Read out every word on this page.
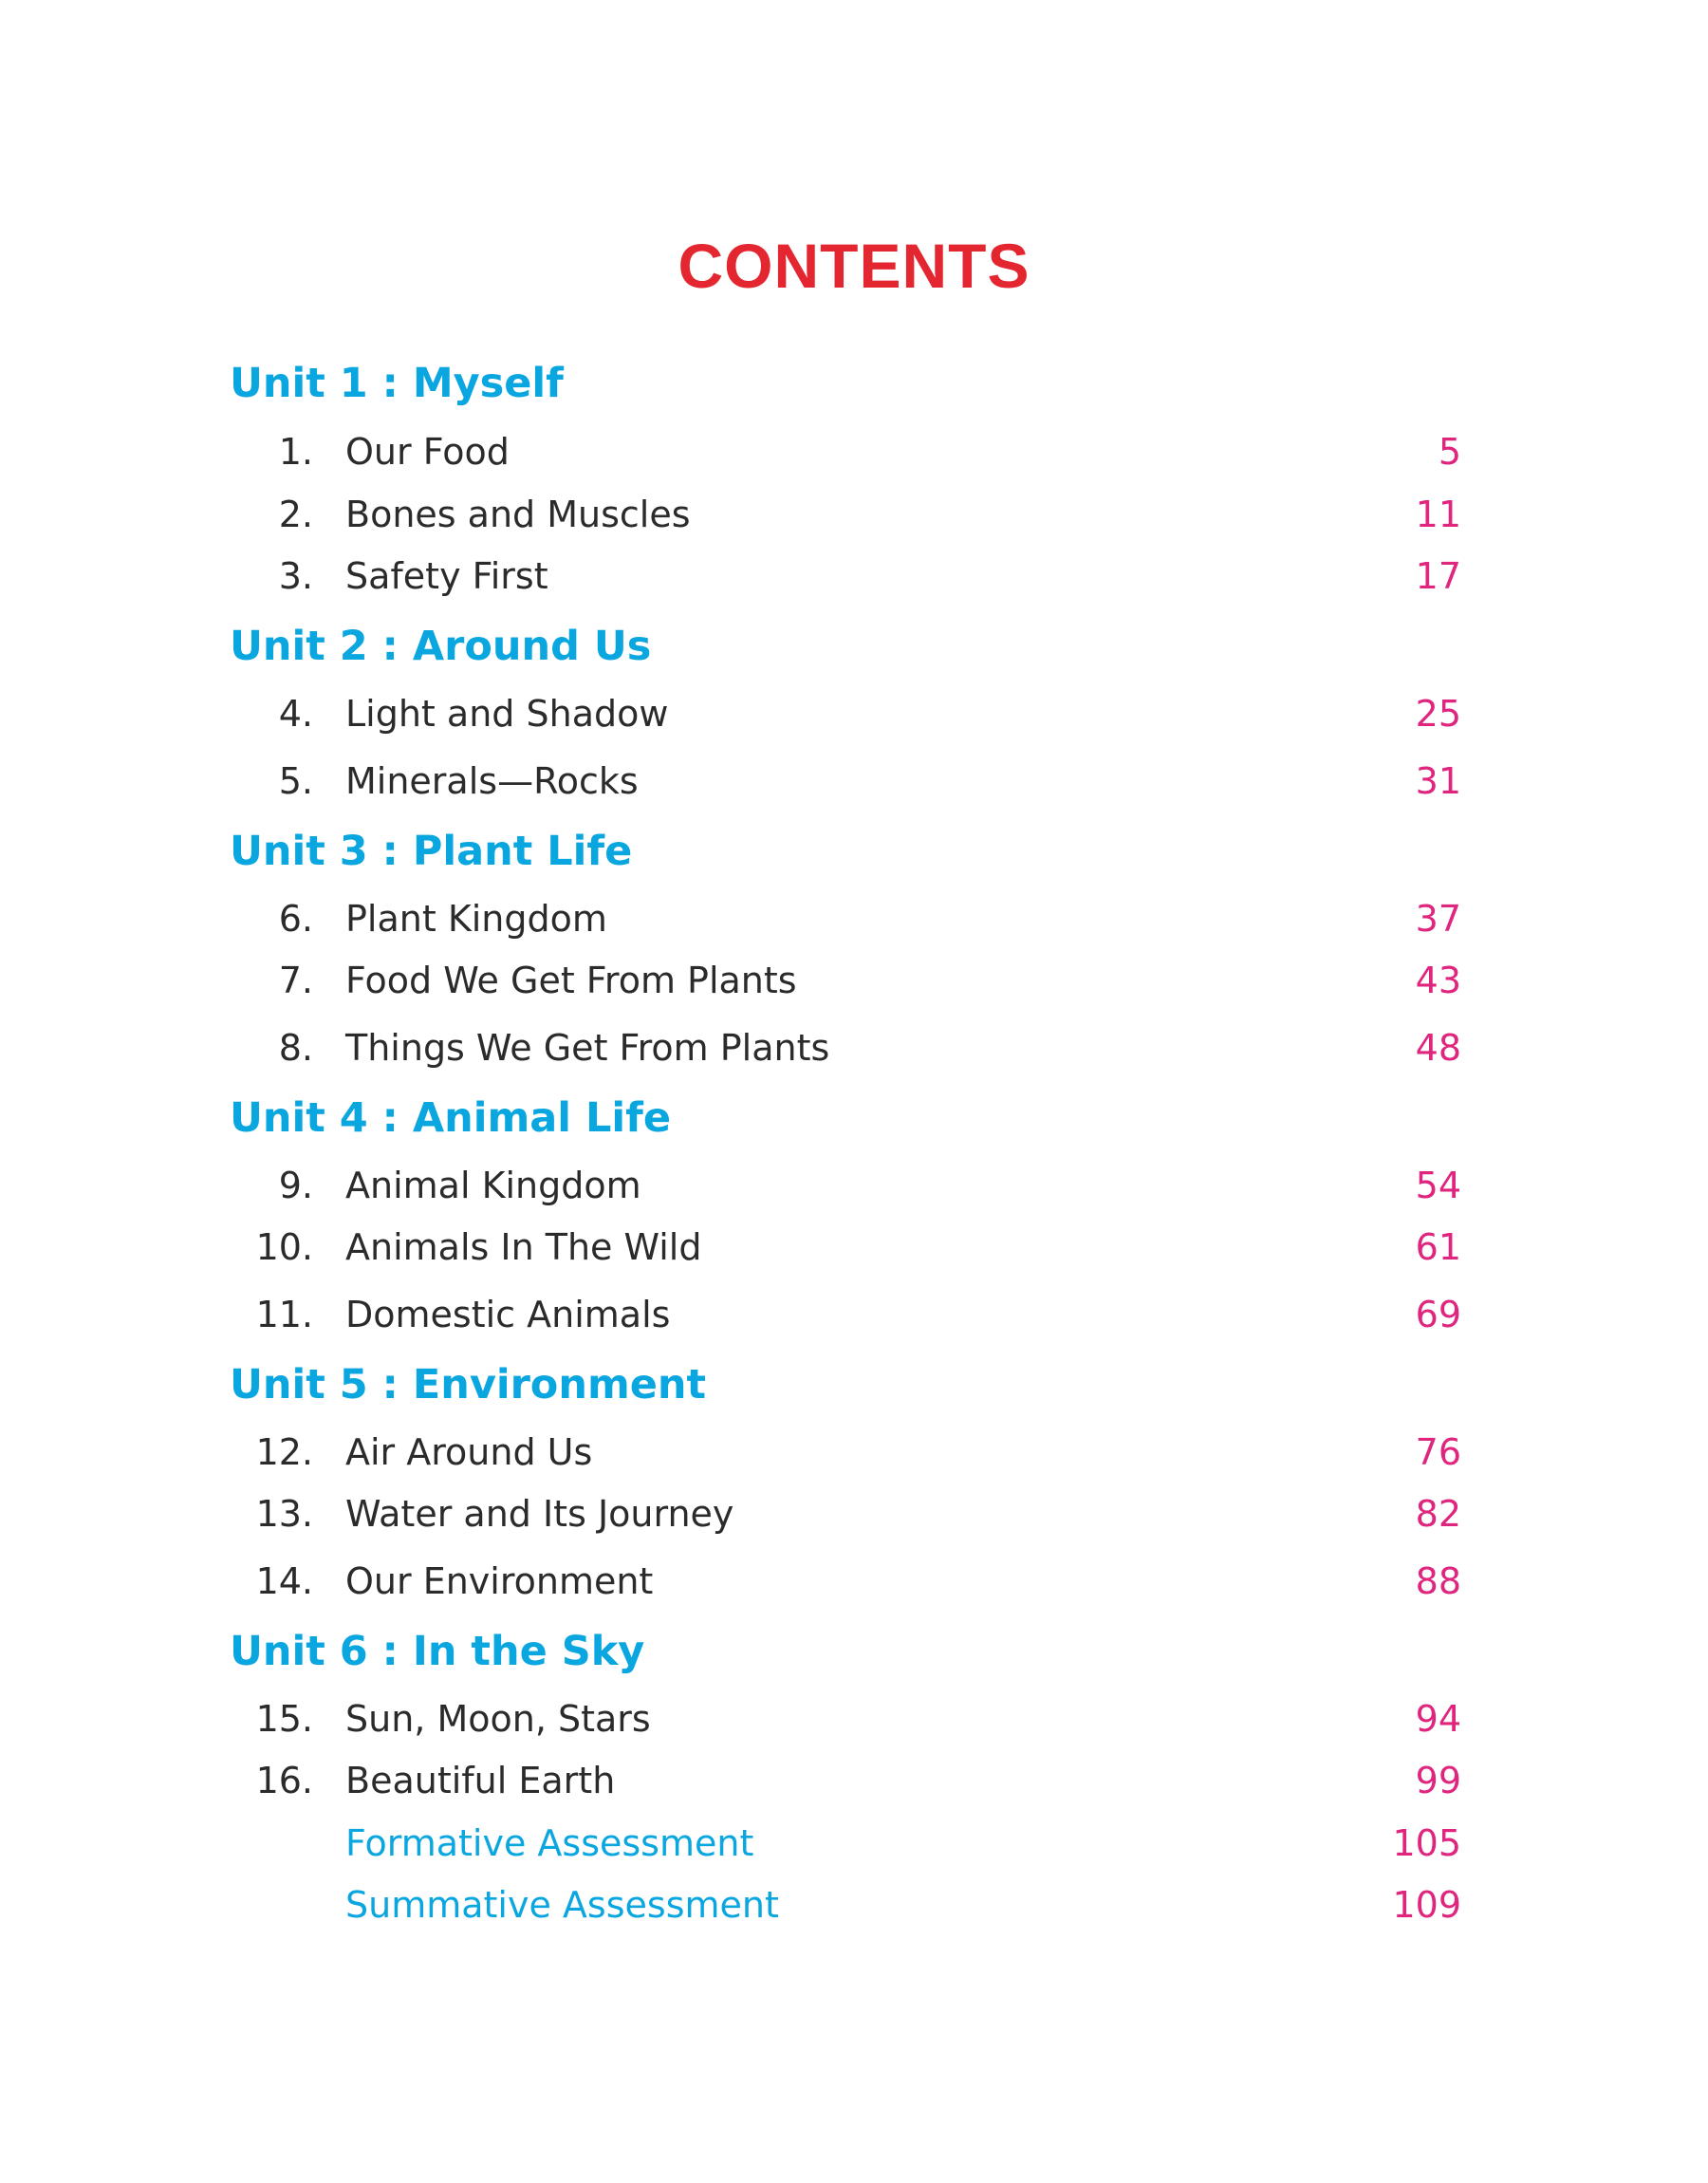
CONTENTS
Unit 1 : Myself
1. Our Food	5
2. Bones and Muscles	11
3. Safety First	17
Unit 2 : Around Us
4. Light and Shadow	25
5. Minerals—Rocks	31
Unit 3 : Plant Life
6. Plant Kingdom	37
7. Food We Get From Plants	43
8. Things We Get From Plants	48
Unit 4 : Animal Life
9. Animal Kingdom	54
10. Animals In The Wild	61
11. Domestic Animals	69
Unit 5 : Environment
12. Air Around Us	76
13. Water and Its Journey	82
14. Our Environment	88
Unit 6 : In the Sky
15. Sun, Moon, Stars	94
16. Beautiful Earth	99
Formative Assessment	105
Summative Assessment	109
